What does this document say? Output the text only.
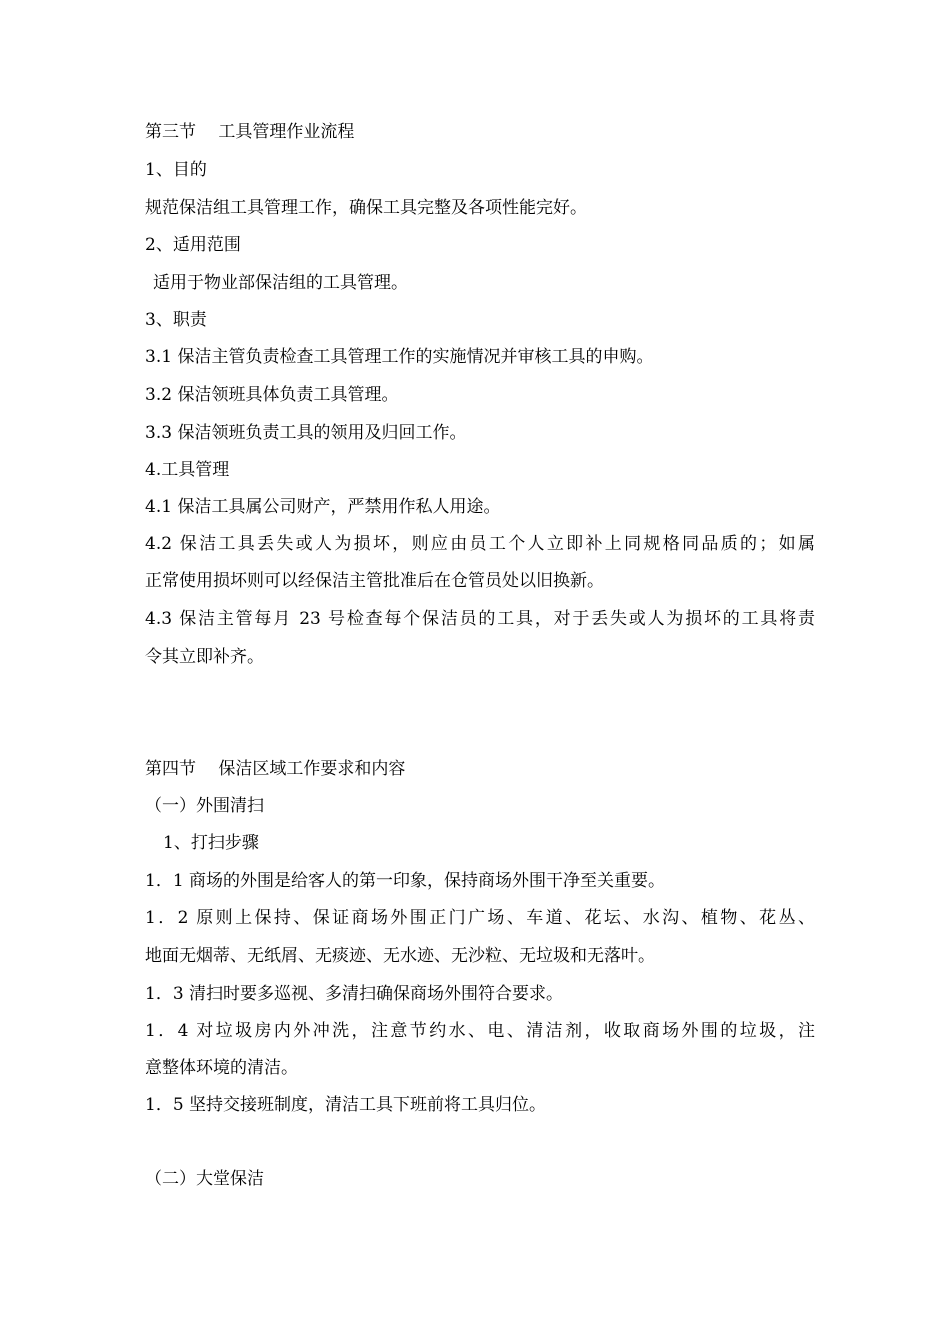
第三节　 工具管理作业流程
1、目的
规范保洁组工具管理工作，确保工具完整及各项性能完好。
2、适用范围
适用于物业部保洁组的工具管理。
3、职责
3.1 保洁主管负责检查工具管理工作的实施情况并审核工具的申购。
3.2 保洁领班具体负责工具管理。
3.3 保洁领班负责工具的领用及归回工作。
4.工具管理
4.1 保洁工具属公司财产，严禁用作私人用途。
4.2 保洁工具丢失或人为损坏，则应由员工个人立即补上同规格同品质的；如属
正常使用损坏则可以经保洁主管批准后在仓管员处以旧换新。
4.3 保洁主管每月 23 号检查每个保洁员的工具，对于丢失或人为损坏的工具将责
令其立即补齐。
第四节　 保洁区域工作要求和内容
（一）外围清扫
1、打扫步骤
1．1 商场的外围是给客人的第一印象，保持商场外围干净至关重要。
1．2 原则上保持、保证商场外围正门广场、车道、花坛、水沟、植物、花丛、
地面无烟蒂、无纸屑、无痰迹、无水迹、无沙粒、无垃圾和无落叶。
1．3 清扫时要多巡视、多清扫确保商场外围符合要求。
1．4 对垃圾房内外冲洗，注意节约水、电、清洁剂，收取商场外围的垃圾，注
意整体环境的清洁。
1．5 坚持交接班制度，清洁工具下班前将工具归位。
（二）大堂保洁
